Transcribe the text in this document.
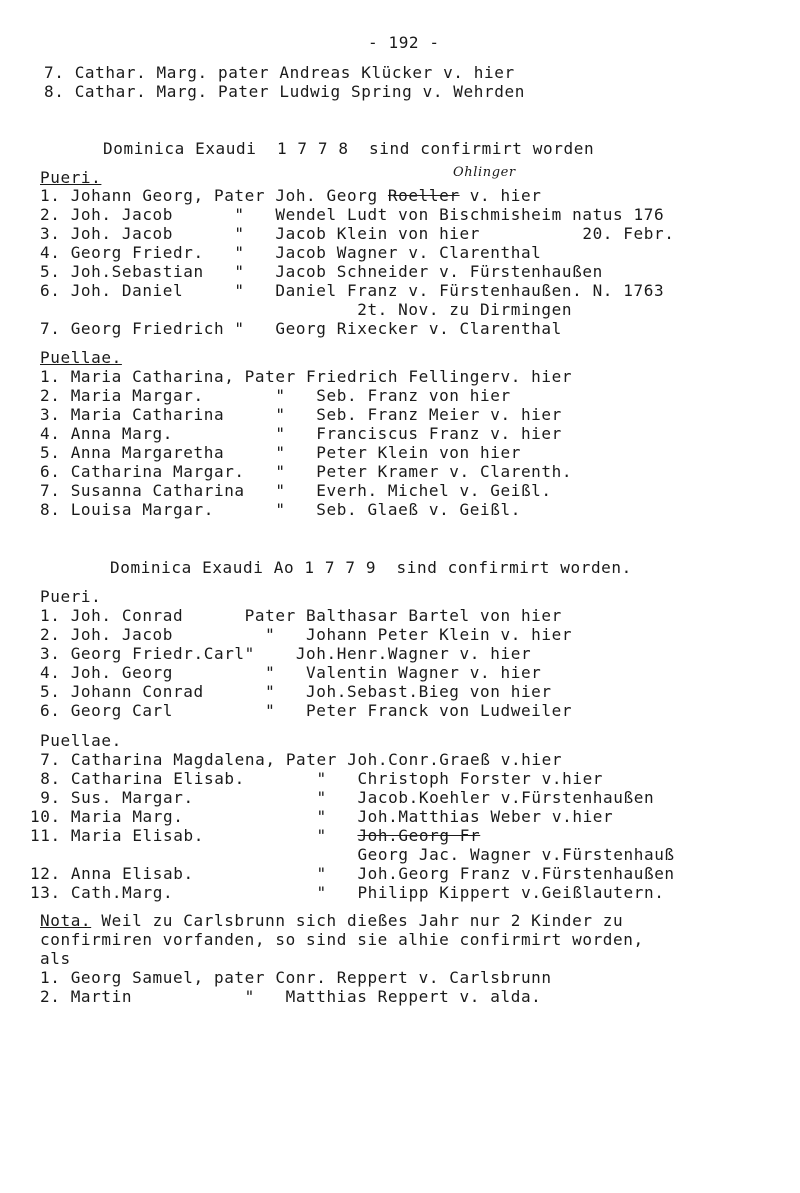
- 192 -
7. Cathar. Marg. pater Andreas Klücker v. hier
8. Cathar. Marg. Pater Ludwig Spring v. Wehrden
Dominica Exaudi  1 7 7 8  sind confirmirt worden
Pueri.	Ohlinger
1. Johann Georg, Pater Joh. Georg Roeller v. hier
2. Joh. Jacob      "   Wendel Ludt von Bischmisheim natus 176
3. Joh. Jacob      "   Jacob Klein von hier          20. Febr.
4. Georg Friedr.   "   Jacob Wagner v. Clarenthal
5. Joh.Sebastian   "   Jacob Schneider v. Fürstenhaußen
6. Joh. Daniel     "   Daniel Franz v. Fürstenhaußen. N. 1763
2t. Nov. zu Dirmingen
7. Georg Friedrich "   Georg Rixecker v. Clarenthal
Puellae.
1. Maria Catharina, Pater Friedrich Fellingerv. hier
2. Maria Margar.       "   Seb. Franz von hier
3. Maria Catharina     "   Seb. Franz Meier v. hier
4. Anna Marg.          "   Franciscus Franz v. hier
5. Anna Margaretha     "   Peter Klein von hier
6. Catharina Margar.   "   Peter Kramer v. Clarenth.
7. Susanna Catharina   "   Everh. Michel v. Geißl.
8. Louisa Margar.      "   Seb. Glaeß v. Geißl.
Dominica Exaudi Ao 1 7 7 9  sind confirmirt worden.
Pueri.
1. Joh. Conrad      Pater Balthasar Bartel von hier
2. Joh. Jacob         "   Johann Peter Klein v. hier
3. Georg Friedr.Carl"    Joh.Henr.Wagner v. hier
4. Joh. Georg         "   Valentin Wagner v. hier
5. Johann Conrad      "   Joh.Sebast.Bieg von hier
6. Georg Carl         "   Peter Franck von Ludweiler
Puellae.
7. Catharina Magdalena, Pater Joh.Conr.Graeß v.hier
8. Catharina Elisab.       "   Christoph Forster v.hier
9. Sus. Margar.            "   Jacob.Koehler v.Fürstenhaußen
10. Maria Marg.             "   Joh.Matthias Weber v.hier
11. Maria Elisab.           "   Joh.Georg Fr
Georg Jac. Wagner v.Fürstenhauß
12. Anna Elisab.            "   Joh.Georg Franz v.Fürstenhaußen
13. Cath.Marg.              "   Philipp Kippert v.Geißlautern.
Nota. Weil zu Carlsbrunn sich dießes Jahr nur 2 Kinder zu
confirmiren vorfanden, so sind sie alhie confirmirt worden,
als
1. Georg Samuel, pater Conr. Reppert v. Carlsbrunn
2. Martin           "   Matthias Reppert v. alda.
